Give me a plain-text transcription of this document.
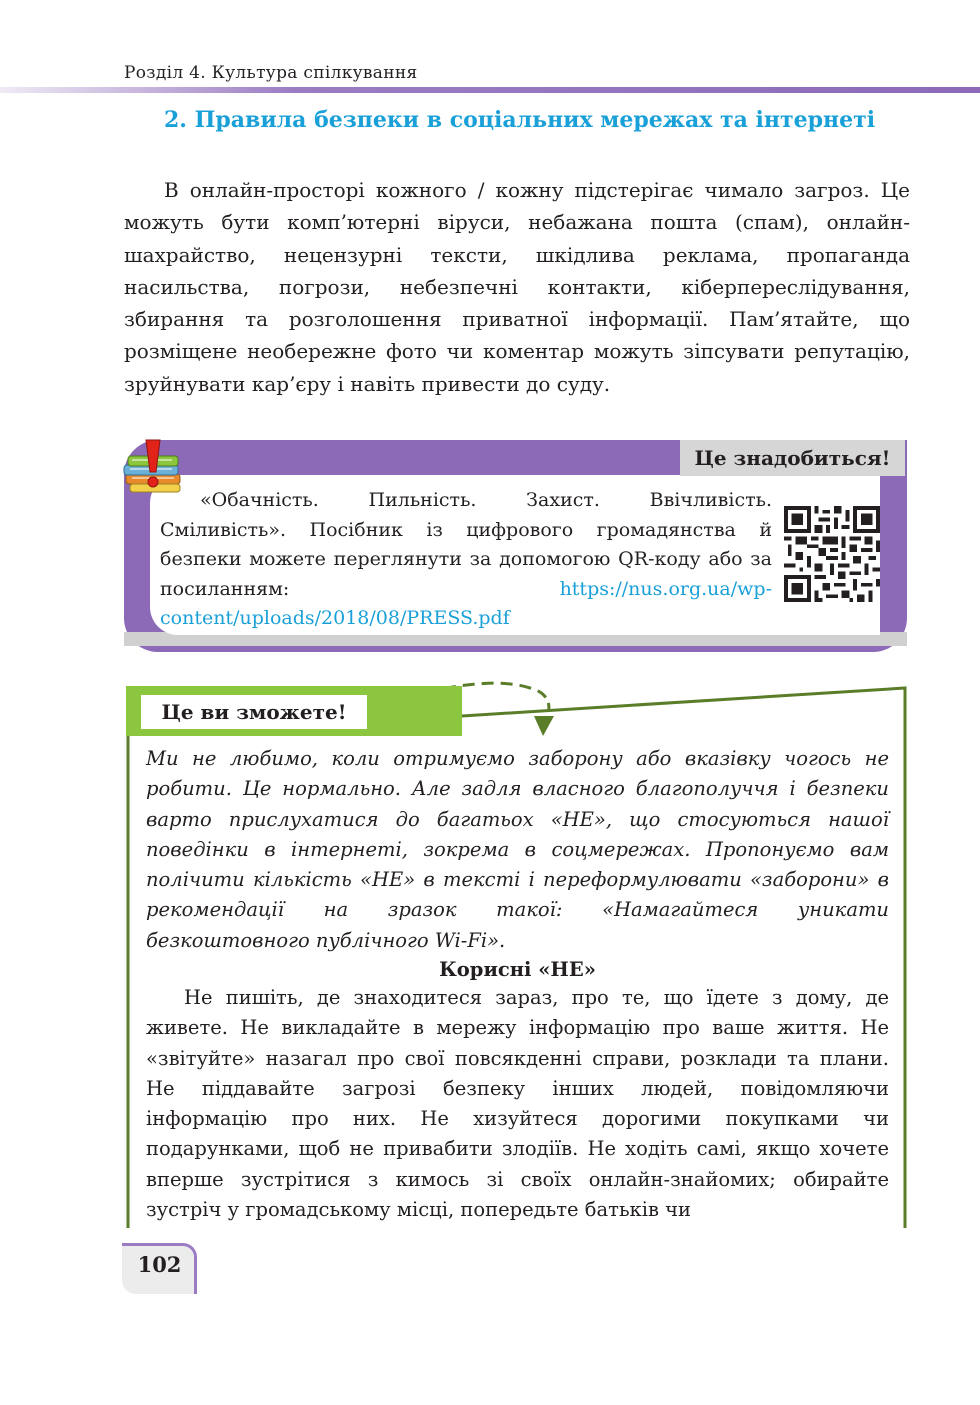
Розділ 4. Культура спілкування
2. Правила безпеки в соціальних мережах та інтернеті
В онлайн-просторі кожного / кожну підстерігає чимало загроз. Це можуть бути комп’ютерні віруси, небажана пошта (спам), онлайн-шахрайство, нецензурні тексти, шкідлива реклама, пропаганда насильства, погрози, небезпечні контакти, кіберпереслідування, збирання та розголошення приватної інформації. Пам’ятайте, що розміщене необережне фото чи коментар можуть зіпсувати репутацію, зруйнувати кар’єру і навіть привести до суду.
Це знадобиться!
«Обачність. Пильність. Захист. Ввічливість. Сміливість». Посібник із цифрового громадянства й безпеки можете переглянути за допомогою QR-коду або за посиланням:	https://nus.org.ua/wp-content/uploads/2018/08/PRESS.pdf
Це ви зможете!
Ми не любимо, коли отримуємо заборону або вказівку чогось не робити. Це нормально. Але задля власного благополуччя і безпеки варто прислухатися до багатьох «НЕ», що стосуються нашої поведінки в інтернеті, зокрема в соцмережах. Пропонуємо вам полічити кількість «НЕ» в тексті і переформулювати «заборони» в рекомендації на зразок такої: «Намагайтеся уникати безкоштовного публічного Wi-Fi».
Корисні «НЕ»
Не пишіть, де знаходитеся зараз, про те, що їдете з дому, де живете. Не викладайте в мережу інформацію про ваше життя. Не «звітуйте» назагал про свої повсякденні справи, розклади та плани. Не піддавайте загрозі безпеку інших людей, повідомляючи інформацію про них. Не хизуйтеся дорогими покупками чи подарунками, щоб не привабити злодіїв. Не ходіть самі, якщо хочете вперше зустрітися з кимось зі своїх онлайн-знайомих; обирайте зустріч у громадському місці, попередьте батьків чи
102
